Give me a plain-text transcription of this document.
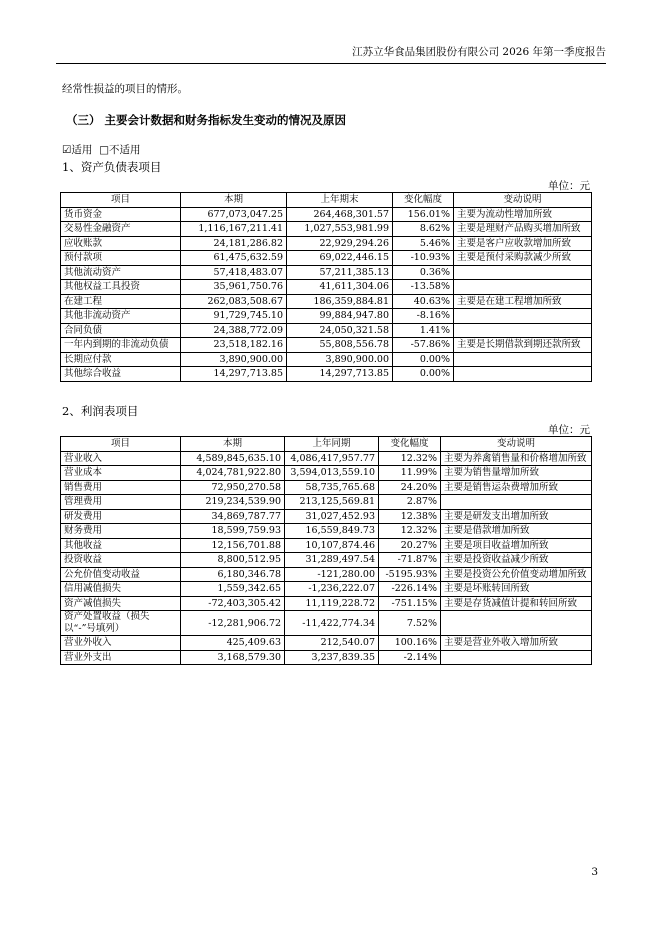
江苏立华食品集团股份有限公司 2026 年第一季度报告
经常性损益的项目的情形。
（三） 主要会计数据和财务指标发生变动的情况及原因
☑适用 □不适用
1、资产负债表项目
单位：元
项目	本期	上年期末	变化幅度	变动说明
货币资金	677,073,047.25	264,468,301.57	156.01%	主要为流动性增加所致
交易性金融资产	1,116,167,211.41	1,027,553,981.99	8.62%	主要是理财产品购买增加所致
应收账款	24,181,286.82	22,929,294.26	5.46%	主要是客户应收款增加所致
预付款项	61,475,632.59	69,022,446.15	-10.93%	主要是预付采购款减少所致
其他流动资产	57,418,483.07	57,211,385.13	0.36%	
其他权益工具投资	35,961,750.76	41,611,304.06	-13.58%	
在建工程	262,083,508.67	186,359,884.81	40.63%	主要是在建工程增加所致
其他非流动资产	91,729,745.10	99,884,947.80	-8.16%	
合同负债	24,388,772.09	24,050,321.58	1.41%	
一年内到期的非流动负债	23,518,182.16	55,808,556.78	-57.86%	主要是长期借款到期还款所致
长期应付款	3,890,900.00	3,890,900.00	0.00%	
其他综合收益	14,297,713.85	14,297,713.85	0.00%	
2、利润表项目
单位：元
项目	本期	上年同期	变化幅度	变动说明
营业收入	4,589,845,635.10	4,086,417,957.77	12.32%	主要为养禽销售量和价格增加所致
营业成本	4,024,781,922.80	3,594,013,559.10	11.99%	主要为销售量增加所致
销售费用	72,950,270.58	58,735,765.68	24.20%	主要是销售运杂费增加所致
管理费用	219,234,539.90	213,125,569.81	2.87%	
研发费用	34,869,787.77	31,027,452.93	12.38%	主要是研发支出增加所致
财务费用	18,599,759.93	16,559,849.73	12.32%	主要是借款增加所致
其他收益	12,156,701.88	10,107,874.46	20.27%	主要是项目收益增加所致
投资收益	8,800,512.95	31,289,497.54	-71.87%	主要是投资收益减少所致
公允价值变动收益	6,180,346.78	-121,280.00	-5195.93%	主要是投资公允价值变动增加所致
信用减值损失	1,559,342.65	-1,236,222.07	-226.14%	主要是坏账转回所致
资产减值损失	-72,403,305.42	11,119,228.72	-751.15%	主要是存货减值计提和转回所致
资产处置收益（损失以“-”号填列）	-12,281,906.72	-11,422,774.34	7.52%	
营业外收入	425,409.63	212,540.07	100.16%	主要是营业外收入增加所致
营业外支出	3,168,579.30	3,237,839.35	-2.14%	
3
